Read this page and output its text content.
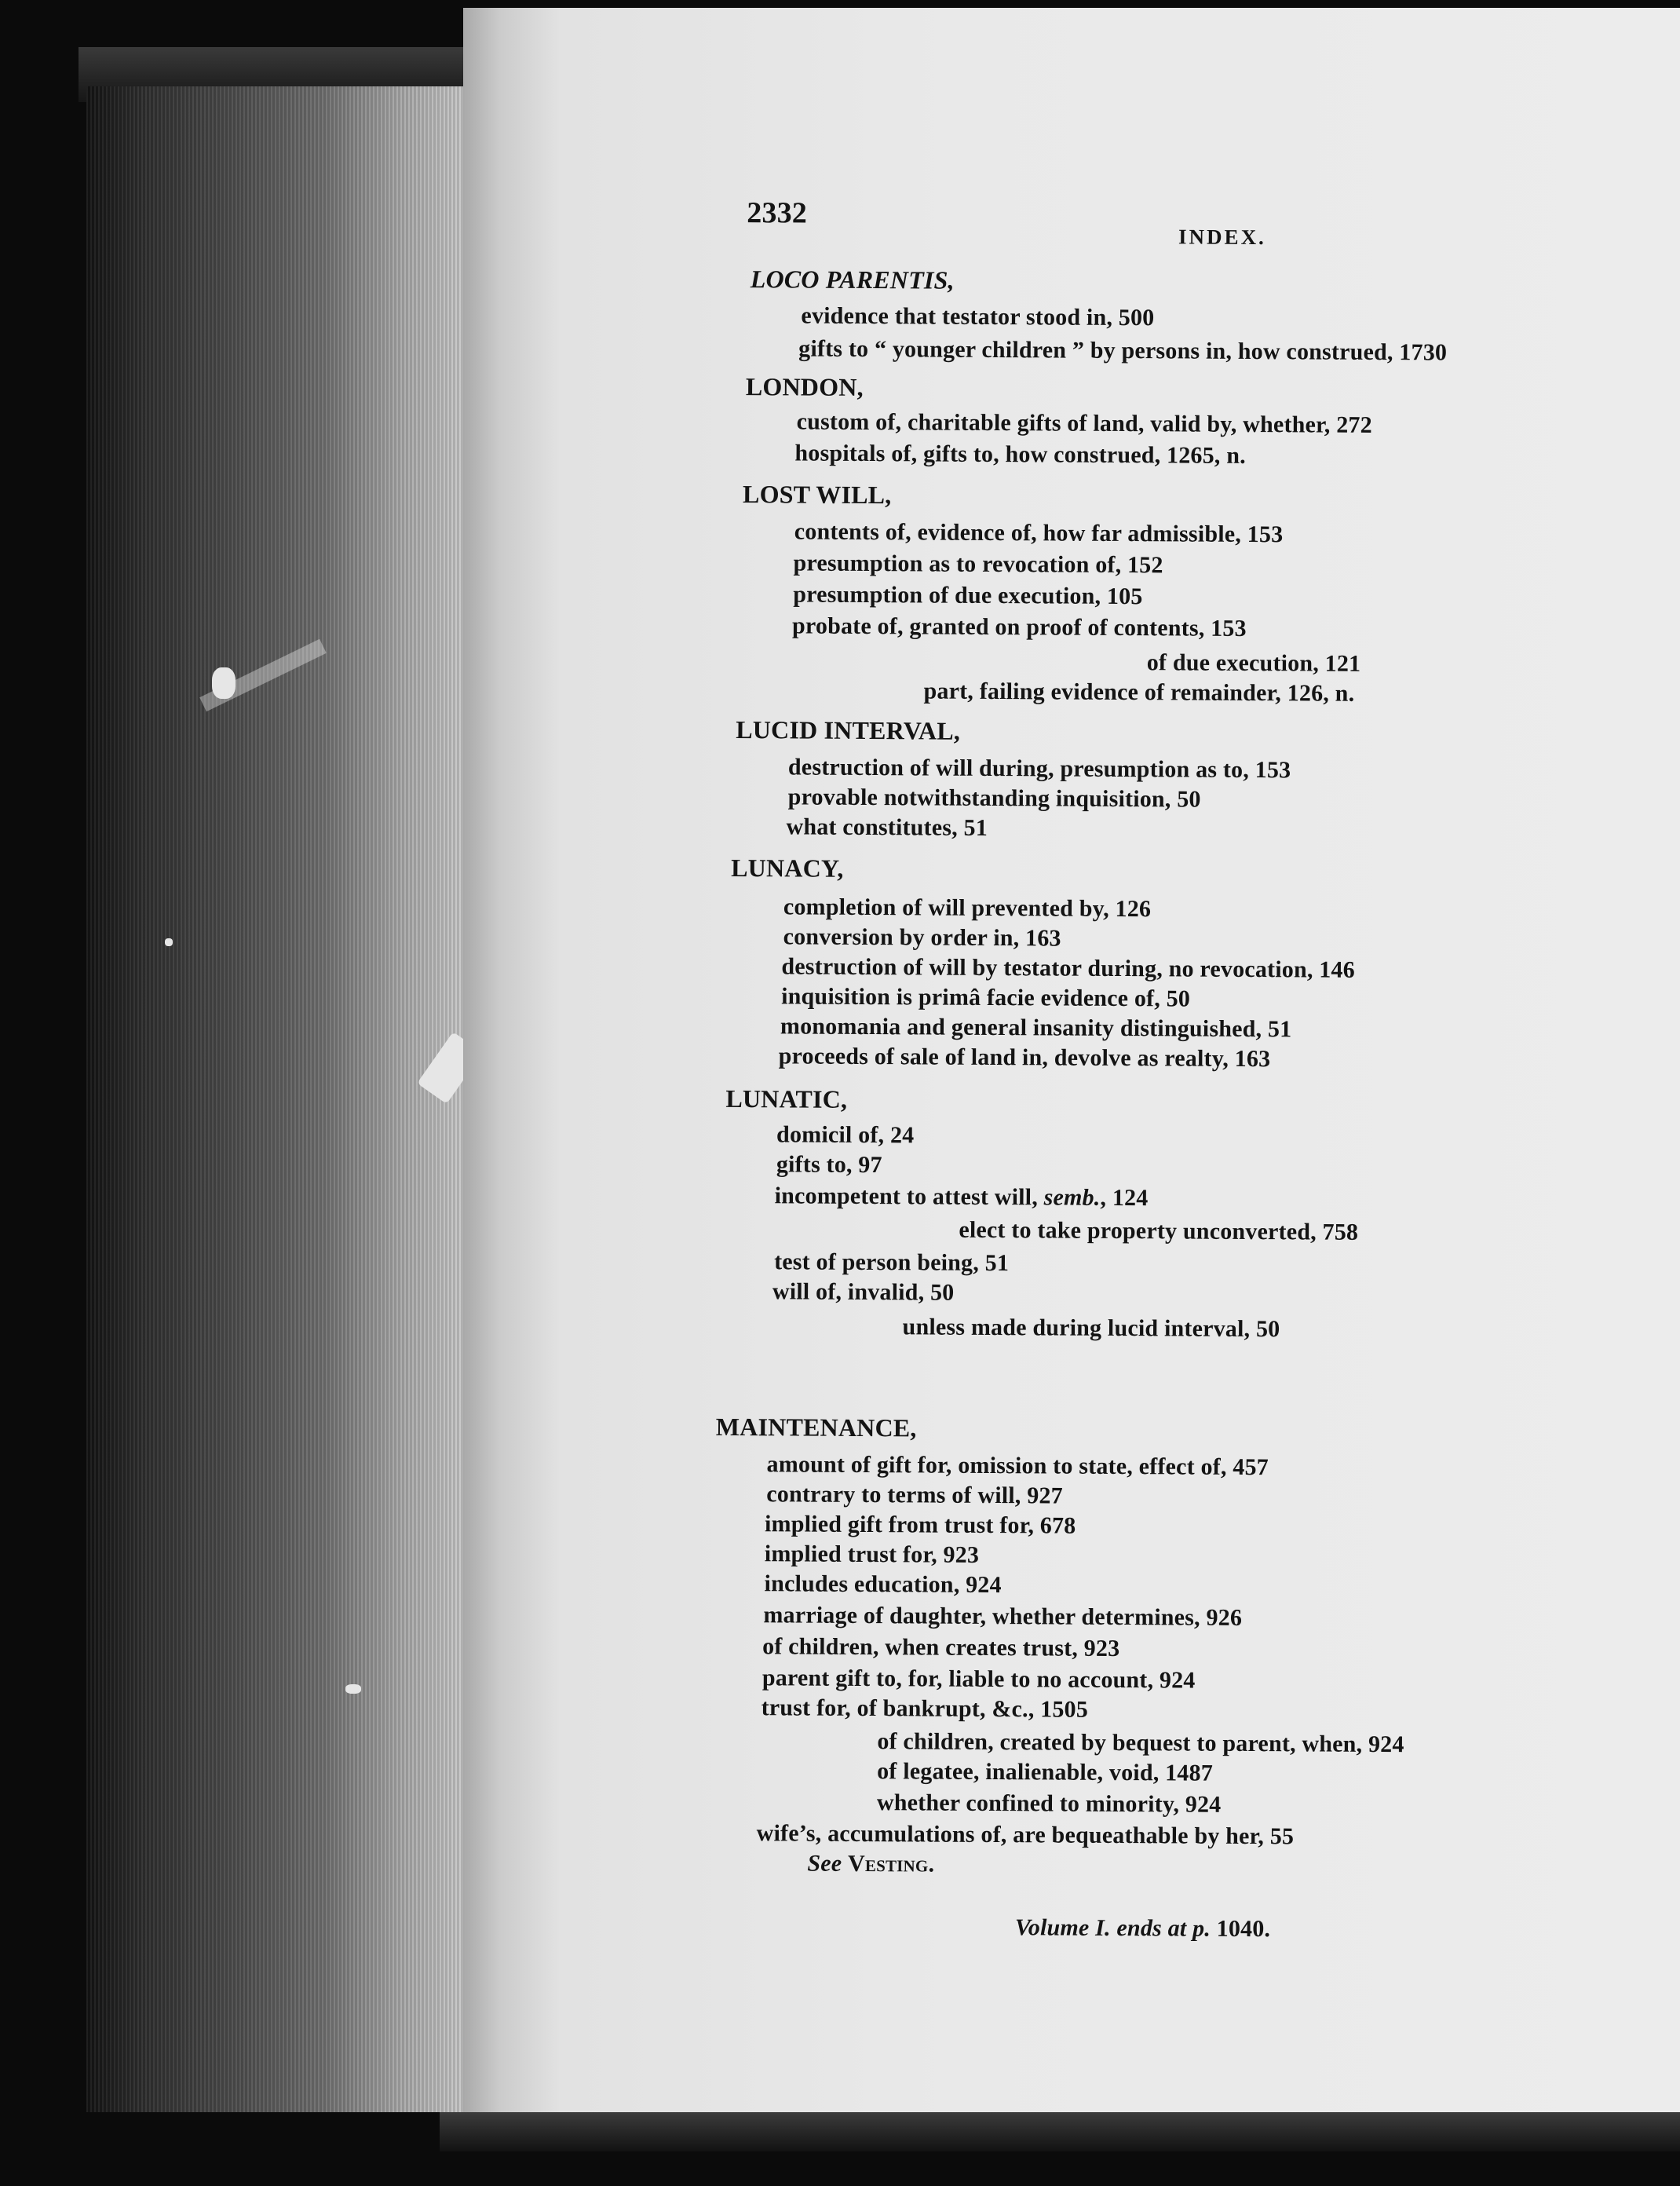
2332
INDEX.
LOCO PARENTIS,
evidence that testator stood in, 500
gifts to “ younger children ” by persons in, how construed, 1730
LONDON,
custom of, charitable gifts of land, valid by, whether, 272
hospitals of, gifts to, how construed, 1265, n.
LOST WILL,
contents of, evidence of, how far admissible, 153
presumption as to revocation of, 152
presumption of due execution, 105
probate of, granted on proof of contents, 153
of due execution, 121
part, failing evidence of remainder, 126, n.
LUCID INTERVAL,
destruction of will during, presumption as to, 153
provable notwithstanding inquisition, 50
what constitutes, 51
LUNACY,
completion of will prevented by, 126
conversion by order in, 163
destruction of will by testator during, no revocation, 146
inquisition is primâ facie evidence of, 50
monomania and general insanity distinguished, 51
proceeds of sale of land in, devolve as realty, 163
LUNATIC,
domicil of, 24
gifts to, 97
incompetent to attest will, semb., 124
elect to take property unconverted, 758
test of person being, 51
will of, invalid, 50
unless made during lucid interval, 50
MAINTENANCE,
amount of gift for, omission to state, effect of, 457
contrary to terms of will, 927
implied gift from trust for, 678
implied trust for, 923
includes education, 924
marriage of daughter, whether determines, 926
of children, when creates trust, 923
parent gift to, for, liable to no account, 924
trust for, of bankrupt, &c., 1505
of children, created by bequest to parent, when, 924
of legatee, inalienable, void, 1487
whether confined to minority, 924
wife’s, accumulations of, are bequeathable by her, 55
See Vesting.
Volume I. ends at p. 1040.
